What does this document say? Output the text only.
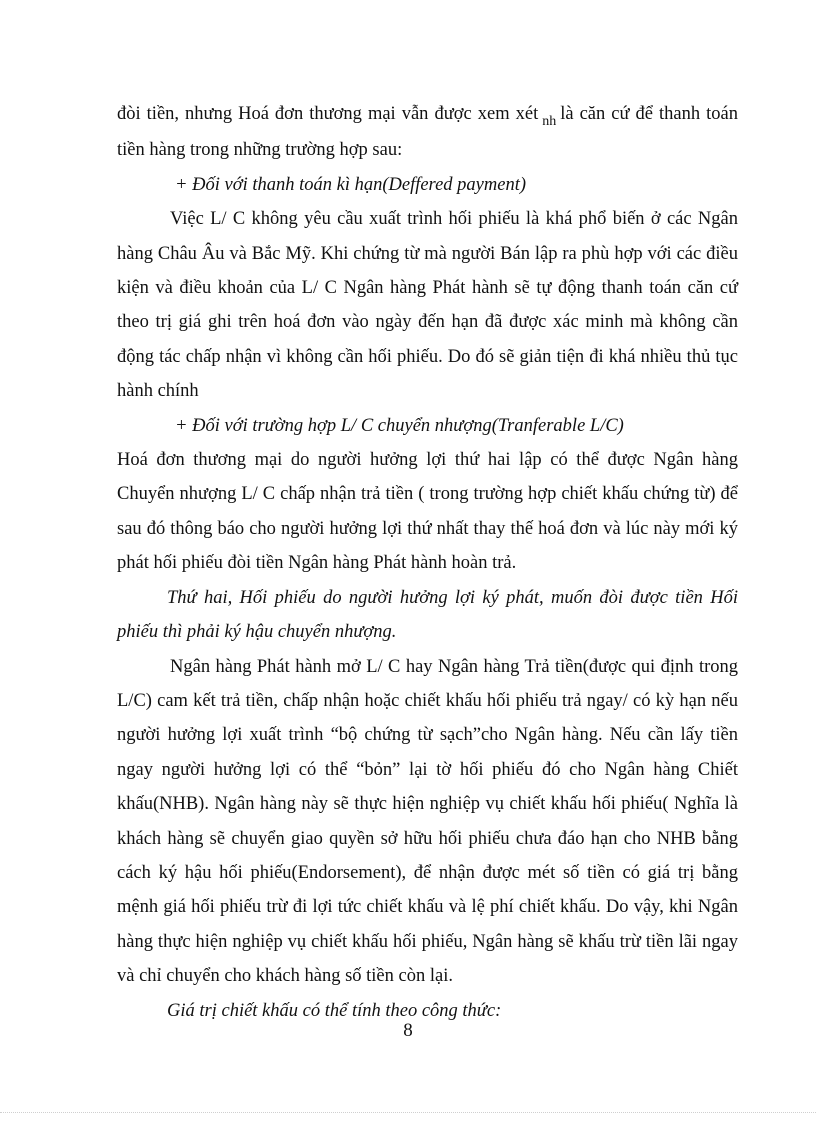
đòi tiền, nhưng Hoá đơn thương mại vẫn được xem xét $_{nh}$ là căn cứ để thanh toán tiền hàng trong những trường hợp sau:

+ Đối với thanh toán kì hạn(Deffered payment)

Việc L/ C không yêu cầu xuất trình hối phiếu là khá phổ biến ở các Ngân hàng Châu Âu và Bắc Mỹ. Khi chứng từ mà người Bán lập ra phù hợp với các điều kiện và điều khoản của L/ C Ngân hàng Phát hành sẽ tự động thanh toán căn cứ theo trị giá ghi trên hoá đơn vào ngày đến hạn đã được xác minh mà không cần động tác chấp nhận vì không cần hối phiếu. Do đó sẽ giản tiện đi khá nhiều thủ tục hành chính

+ Đối với trường hợp L/ C chuyển nhượng(Tranferable L/C)

Hoá đơn thương mại do người hưởng lợi thứ hai lập có thể được Ngân hàng Chuyển nhượng L/ C chấp nhận trả tiền ( trong trường hợp chiết khấu chứng từ) để sau đó thông báo cho người hưởng lợi thứ nhất thay thế hoá đơn và lúc này mới ký phát hối phiếu đòi tiền Ngân hàng Phát hành hoàn trả.

Thứ hai, Hối phiếu do người hưởng lợi ký phát, muốn đòi được tiền Hối phiếu thì phải ký hậu chuyển nhượng.

Ngân hàng Phát hành mở L/ C hay Ngân hàng Trả tiền(được qui định trong L/C) cam kết trả tiền, chấp nhận hoặc chiết khấu hối phiếu trả ngay/ có kỳ hạn nếu người hưởng lợi xuất trình “bộ chứng từ sạch”cho Ngân hàng. Nếu cần lấy tiền ngay người hưởng lợi có thể “bỏn” lại tờ hối phiếu đó cho Ngân hàng Chiết khấu(NHB). Ngân hàng này sẽ thực hiện nghiệp vụ chiết khấu hối phiếu( Nghĩa là khách hàng sẽ chuyển giao quyền sở hữu hối phiếu chưa đáo hạn cho NHB bằng cách ký hậu hối phiếu(Endorsement), để nhận được mét số tiền có giá trị bằng mệnh giá hối phiếu trừ đi lợi tức chiết khấu và lệ phí chiết khấu. Do vậy, khi Ngân hàng thực hiện nghiệp vụ chiết khấu hối phiếu, Ngân hàng sẽ khấu trừ tiền lãi ngay và chỉ chuyển cho khách hàng số tiền còn lại.

Giá trị chiết khấu có thể tính theo công thức:

8
